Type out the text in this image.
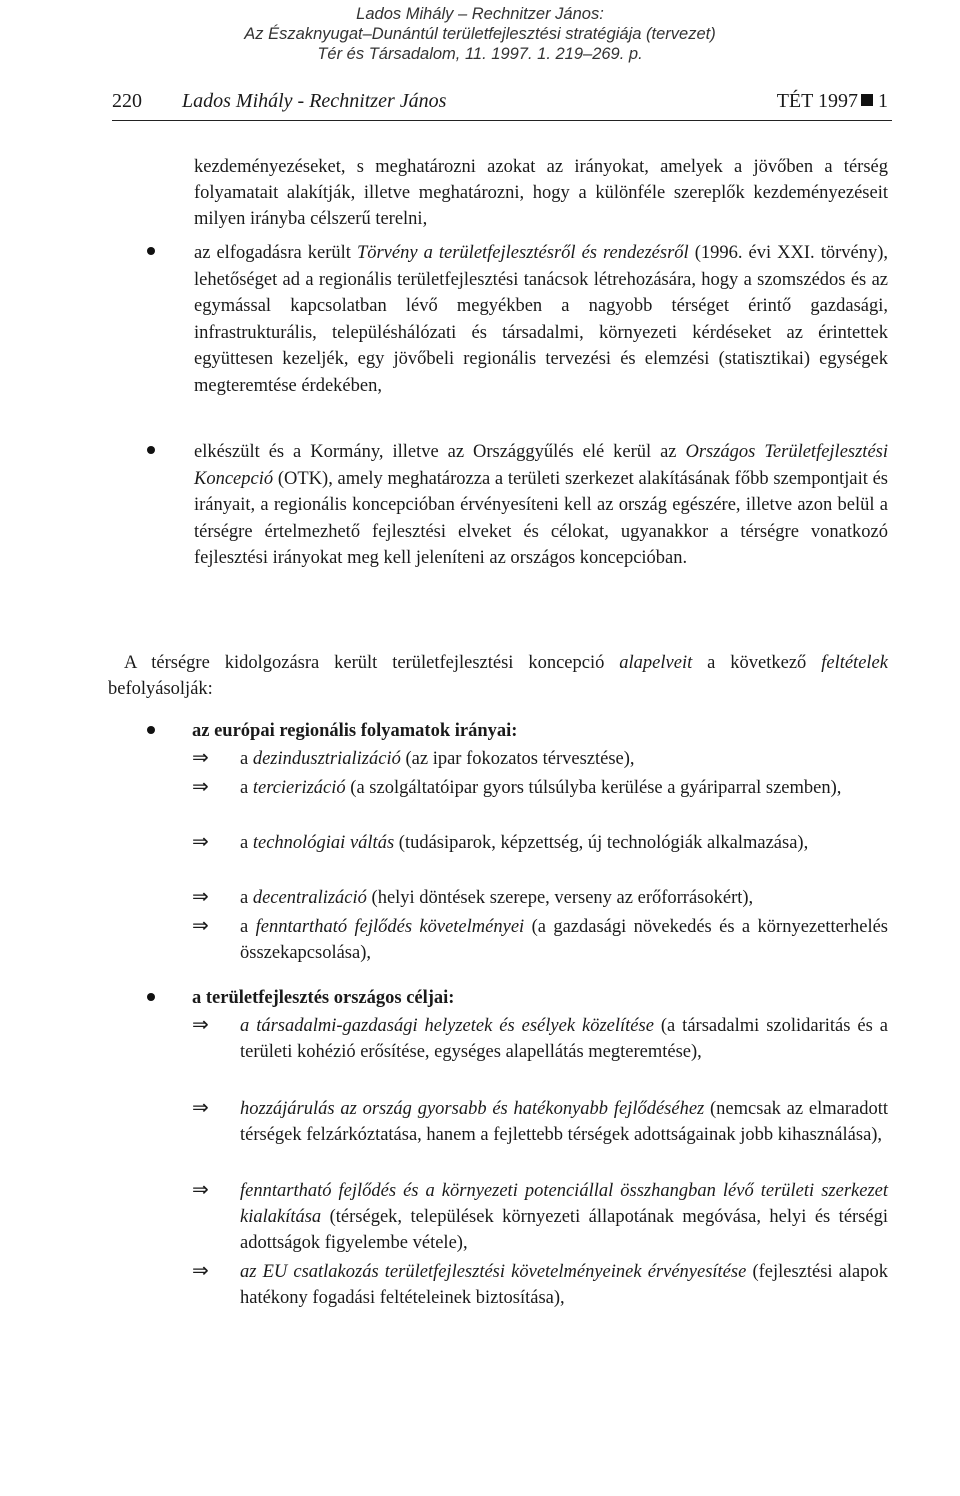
Lados Mihály – Rechnitzer János:
Az Északnyugat–Dunántúl területfejlesztési stratégiája (tervezet)
Tér és Társadalom, 11. 1997. 1. 219–269. p.
220 Lados Mihály - Rechnitzer János	TÉT 1997 1

kezdeményezéseket, s meghatározni azokat az irányokat, amelyek a jövőben a térség folyamatait alakítják, illetve meghatározni, hogy a különféle szereplők kezdeményezéseit milyen irányba célszerű terelni,

az elfogadásra került Törvény a területfejlesztésről és rendezésről (1996. évi XXI. törvény), lehetőséget ad a regionális területfejlesztési tanácsok létrehozására, hogy a szomszédos és az egymással kapcsolatban lévő megyékben a nagyobb térséget érintő gazdasági, infrastrukturális, településhálózati és társadalmi, környezeti kérdéseket az érintettek együttesen kezeljék, egy jövőbeli regionális tervezési és elemzési (statisztikai) egységek megteremtése érdekében,

elkészült és a Kormány, illetve az Országgyűlés elé kerül az Országos Területfejlesztési Koncepció (OTK), amely meghatározza a területi szerkezet alakításának főbb szempontjait és irányait, a regionális koncepcióban érvényesíteni kell az ország egészére, illetve azon belül a térségre értelmezhető fejlesztési elveket és célokat, ugyanakkor a térségre vonatkozó fejlesztési irányokat meg kell jeleníteni az országos koncepcióban.

A térségre kidolgozásra került területfejlesztési koncepció alapelveit a következő feltételek befolyásolják:

az európai regionális folyamatok irányai:
⇒ a dezindusztrializáció (az ipar fokozatos térvesztése),

⇒ a tercierizáció (a szolgáltatóipar gyors túlsúlyba kerülése a gyáriparral szemben),

⇒ a technológiai váltás (tudásiparok, képzettség, új technológiák alkalmazása),

⇒ a decentralizáció (helyi döntések szerepe, verseny az erőforrásokért),

⇒ a fenntartható fejlődés követelményei (a gazdasági növekedés és a környezetterhelés összekapcsolása),

a területfejlesztés országos céljai:
⇒ a társadalmi-gazdasági helyzetek és esélyek közelítése (a társadalmi szolidaritás és a területi kohézió erősítése, egységes alapellátás megteremtése),

⇒ hozzájárulás az ország gyorsabb és hatékonyabb fejlődéséhez (nemcsak az elmaradott térségek felzárkóztatása, hanem a fejlettebb térségek adottságainak jobb kihasználása),

⇒ fenntartható fejlődés és a környezeti potenciállal összhangban lévő területi szerkezet kialakítása (térségek, települések környezeti állapotának megóvása, helyi és térségi adottságok figyelembe vétele),

⇒ az EU csatlakozás területfejlesztési követelményeinek érvényesítése (fejlesztési alapok hatékony fogadási feltételeinek biztosítása),
